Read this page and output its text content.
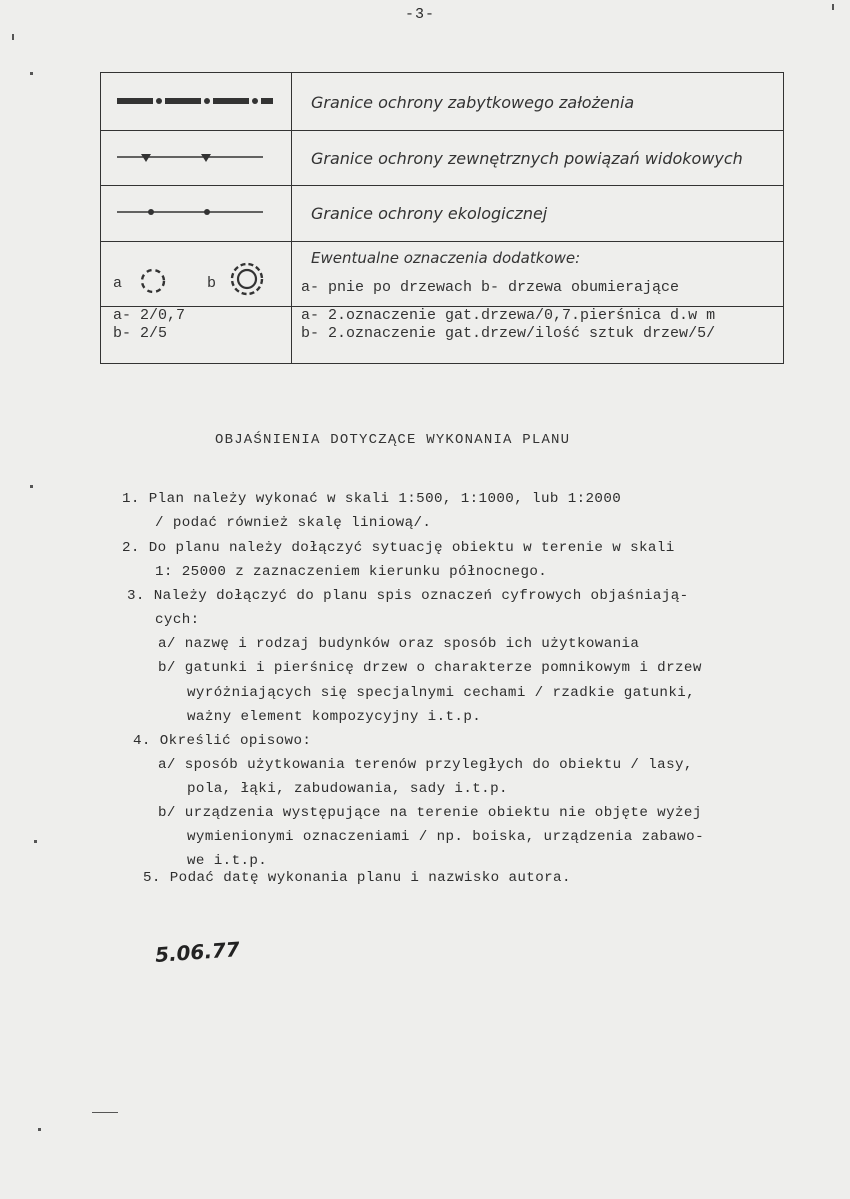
-3-
Granice ochrony zabytkowego założenia
Granice ochrony zewnętrznych powiązań widokowych
Granice ochrony ekologicznej
Ewentualne oznaczenia dodatkowe:
a	b	a- pnie po drzewach b- drzewa obumierające
a- 2/0,7
b- 2/5
a- 2.oznaczenie gat.drzewa/0,7.pierśnica d.w m
b- 2.oznaczenie gat.drzew/ilość sztuk drzew/5/
OBJAŚNIENIA DOTYCZĄCE WYKONANIA PLANU
1. Plan należy wykonać w skali 1:500, 1:1000, lub 1:2000
/ podać również skalę liniową/.
2. Do planu należy dołączyć sytuację obiektu w terenie w skali
1: 25000 z zaznaczeniem kierunku północnego.
3. Należy dołączyć do planu spis oznaczeń cyfrowych objaśniają-
cych:
a/ nazwę i rodzaj budynków oraz sposób ich użytkowania
b/ gatunki i pierśnicę drzew o charakterze pomnikowym i drzew
wyróżniających się specjalnymi cechami / rzadkie gatunki,
ważny element kompozycyjny i.t.p.
4. Określić opisowo:
a/ sposób użytkowania terenów przyległych do obiektu / lasy,
pola, łąki, zabudowania, sady i.t.p.
b/ urządzenia występujące na terenie obiektu nie objęte wyżej
wymienionymi oznaczeniami / np. boiska, urządzenia zabawo-
we i.t.p.
5. Podać datę wykonania planu i nazwisko autora.
5.06.77
